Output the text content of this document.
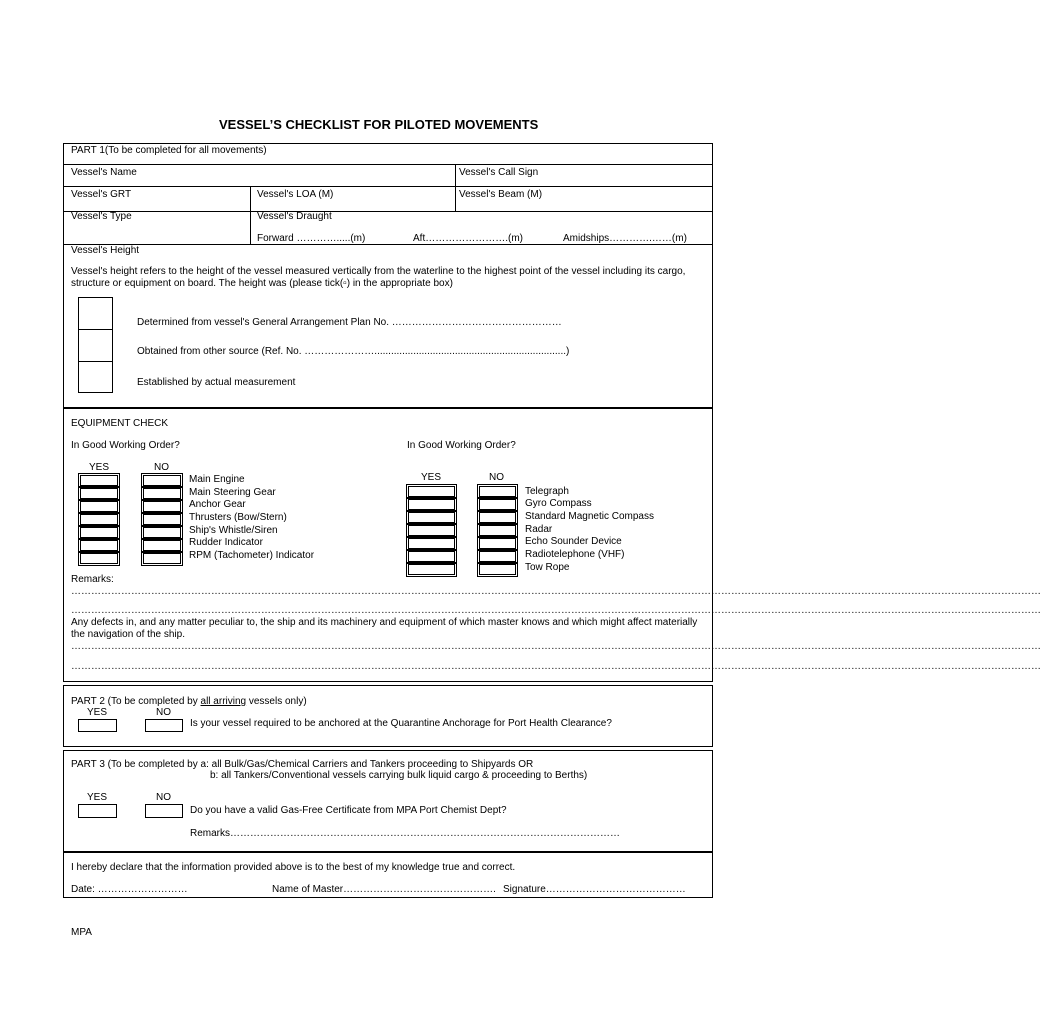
VESSEL’S CHECKLIST FOR PILOTED MOVEMENTS
PART 1(To be completed for all movements)
Vessel's Name	Vessel's Call Sign
Vessel's GRT	Vessel's LOA (M)	Vessel's Beam (M)
Vessel's Type	Vessel's Draught
Forward ………….....(m)	Aft…………………….(m)	Amidships………….……(m)
Vessel's Height
Vessel's height refers to the height of the vessel measured vertically from the waterline to the highest point of the vessel including its cargo, structure or equipment on board. The height was (please tick(▫) in the appropriate box)
Determined from vessel's General Arrangement Plan No. ……………………………………………
Obtained from other source (Ref. No. ………………….....................................................................)
Established by actual measurement
EQUIPMENT CHECK
In Good Working Order?	In Good Working Order?
YES	NO
Main Engine
Main Steering Gear
Anchor Gear
Thrusters (Bow/Stern)
Ship's Whistle/Siren
Rudder Indicator
RPM (Tachometer) Indicator
YES	NO
Telegraph
Gyro Compass
Standard Magnetic Compass
Radar
Echo Sounder Device
Radiotelephone (VHF)
Tow Rope
Remarks:
…………………………………………………………………………………………………………………………………………………………………………………………………………………………………………………………………
…………………………………………………………………………………………………………………………………………………………………………………………………………………………………………………………………
Any defects in, and any matter peculiar to, the ship and its machinery and equipment of which master knows and which might affect materially the navigation of the ship.
…………………………………………………………………………………………………………………………………………………………………………………………………………………………………………………………………
…………………………………………………………………………………………………………………………………………………………………………………………………………………………………………………………………
PART 2 (To be completed by all arriving vessels only)
YES	NO
Is your vessel required to be anchored at the Quarantine Anchorage for Port Health Clearance?
PART 3 (To be completed by a: all Bulk/Gas/Chemical Carriers and Tankers proceeding to Shipyards OR
b: all Tankers/Conventional vessels carrying bulk liquid cargo & proceeding to Berths)
YES	NO
Do you have a valid Gas-Free Certificate from MPA Port Chemist Dept?
Remarks………………………………………………………………………………………………………
I hereby declare that the information provided above is to the best of my knowledge true and correct.
Date: ………………………	Name of Master………………………………………. Signature……………………………………
MPA
